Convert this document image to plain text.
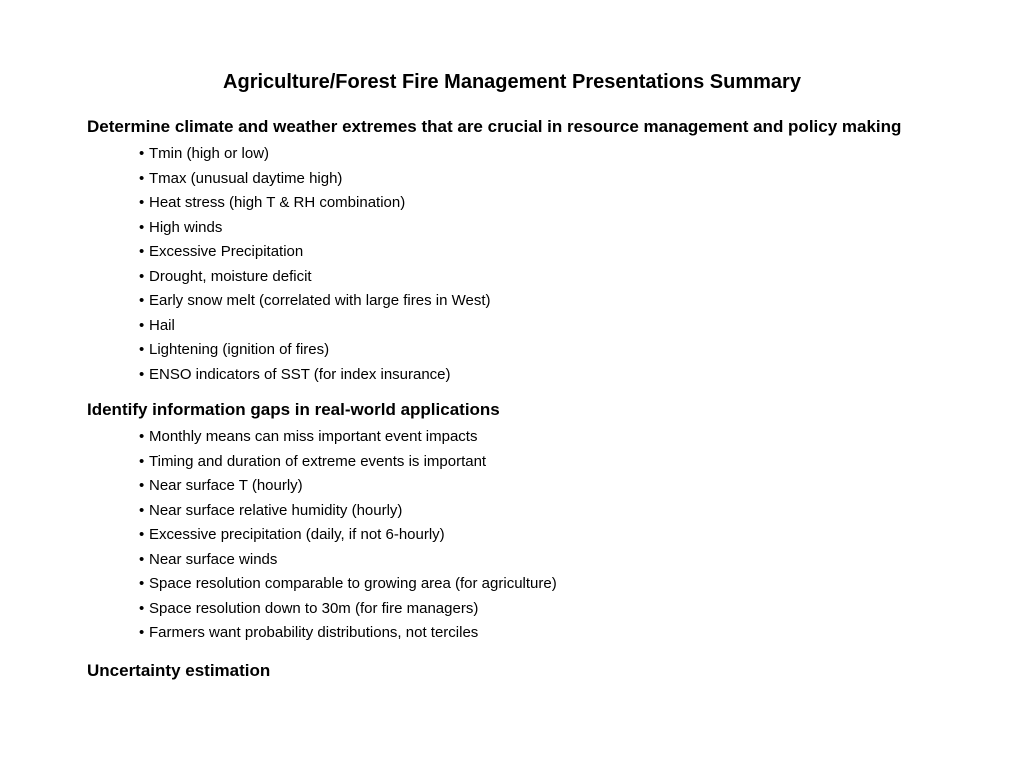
Agriculture/Forest Fire Management Presentations Summary

Determine climate and weather extremes that are crucial in resource management and policy making

• Tmin (high or low)
• Tmax (unusual daytime high)
• Heat stress (high T & RH combination)
• High winds
• Excessive Precipitation
• Drought, moisture deficit
• Early snow melt (correlated with large fires in West)
• Hail
• Lightening (ignition of fires)
• ENSO indicators of SST (for index insurance)

Identify information gaps in real-world applications

• Monthly means can miss important event impacts
• Timing and duration of extreme events is important
• Near surface T (hourly)
• Near surface relative humidity (hourly)
• Excessive precipitation (daily, if not 6-hourly)
• Near surface winds
• Space resolution comparable to growing area (for agriculture)
• Space resolution down to 30m (for fire managers)
• Farmers want probability distributions, not terciles

Uncertainty estimation
